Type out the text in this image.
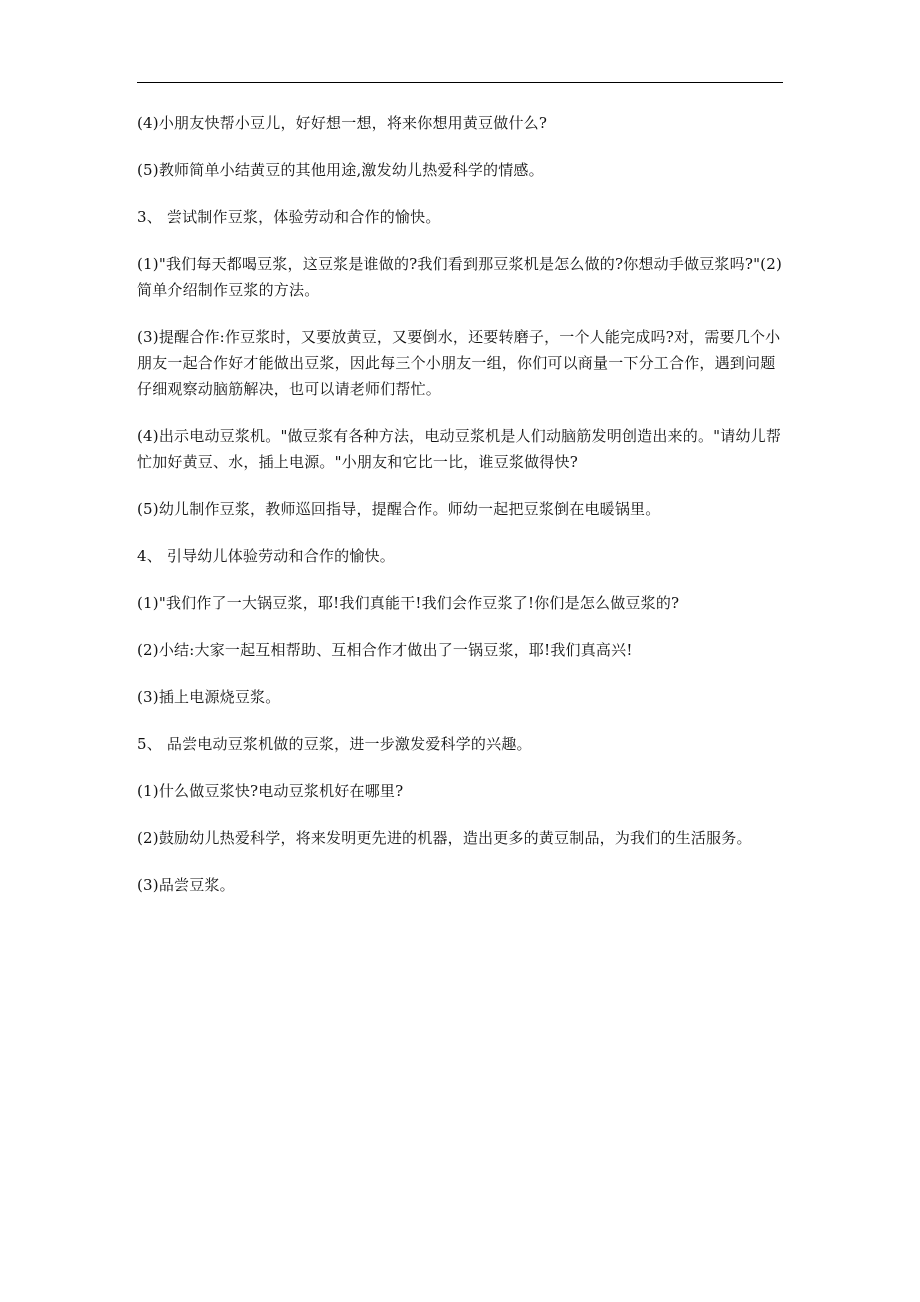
(4)小朋友快帮小豆儿，好好想一想，将来你想用黄豆做什么?

(5)教师简单小结黄豆的其他用途,激发幼儿热爱科学的情感。

3、 尝试制作豆浆，体验劳动和合作的愉快。

(1)"我们每天都喝豆浆，这豆浆是谁做的?我们看到那豆浆机是怎么做的?你想动手做豆浆吗?"(2)简单介绍制作豆浆的方法。

(3)提醒合作:作豆浆时，又要放黄豆，又要倒水，还要转磨子，一个人能完成吗?对，需要几个小朋友一起合作好才能做出豆浆，因此每三个小朋友一组，你们可以商量一下分工合作，遇到问题仔细观察动脑筋解决，也可以请老师们帮忙。

(4)出示电动豆浆机。"做豆浆有各种方法，电动豆浆机是人们动脑筋发明创造出来的。"请幼儿帮忙加好黄豆、水，插上电源。"小朋友和它比一比，谁豆浆做得快?

(5)幼儿制作豆浆，教师巡回指导，提醒合作。师幼一起把豆浆倒在电暖锅里。

4、 引导幼儿体验劳动和合作的愉快。

(1)"我们作了一大锅豆浆，耶!我们真能干!我们会作豆浆了!你们是怎么做豆浆的?

(2)小结:大家一起互相帮助、互相合作才做出了一锅豆浆，耶!我们真高兴!

(3)插上电源烧豆浆。

5、 品尝电动豆浆机做的豆浆，进一步激发爱科学的兴趣。

(1)什么做豆浆快?电动豆浆机好在哪里?

(2)鼓励幼儿热爱科学，将来发明更先进的机器，造出更多的黄豆制品，为我们的生活服务。

(3)品尝豆浆。
